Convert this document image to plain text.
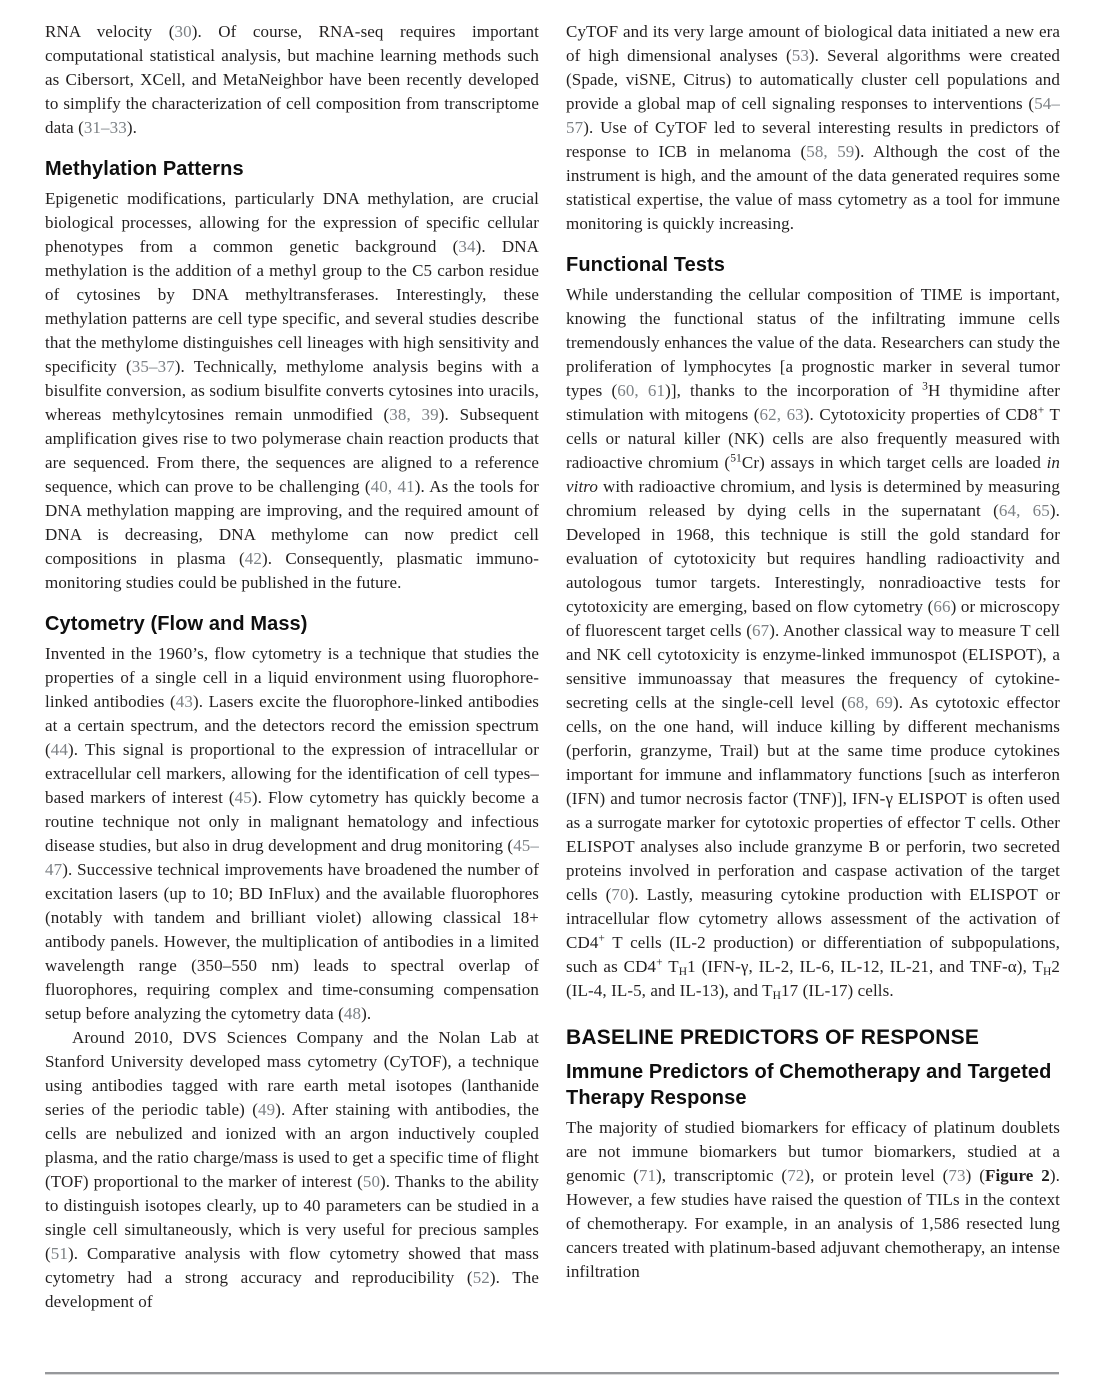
RNA velocity (30). Of course, RNA-seq requires important computational statistical analysis, but machine learning methods such as Cibersort, XCell, and MetaNeighbor have been recently developed to simplify the characterization of cell composition from transcriptome data (31–33).

Methylation Patterns

Epigenetic modifications, particularly DNA methylation, are crucial biological processes, allowing for the expression of specific cellular phenotypes from a common genetic background (34). DNA methylation is the addition of a methyl group to the C5 carbon residue of cytosines by DNA methyltransferases. Interestingly, these methylation patterns are cell type specific, and several studies describe that the methylome distinguishes cell lineages with high sensitivity and specificity (35–37). Technically, methylome analysis begins with a bisulfite conversion, as sodium bisulfite converts cytosines into uracils, whereas methylcytosines remain unmodified (38, 39). Subsequent amplification gives rise to two polymerase chain reaction products that are sequenced. From there, the sequences are aligned to a reference sequence, which can prove to be challenging (40, 41). As the tools for DNA methylation mapping are improving, and the required amount of DNA is decreasing, DNA methylome can now predict cell compositions in plasma (42). Consequently, plasmatic immuno-monitoring studies could be published in the future.

Cytometry (Flow and Mass)

Invented in the 1960’s, flow cytometry is a technique that studies the properties of a single cell in a liquid environment using fluorophore-linked antibodies (43). Lasers excite the fluorophore-linked antibodies at a certain spectrum, and the detectors record the emission spectrum (44). This signal is proportional to the expression of intracellular or extracellular cell markers, allowing for the identification of cell types–based markers of interest (45). Flow cytometry has quickly become a routine technique not only in malignant hematology and infectious disease studies, but also in drug development and drug monitoring (45–47). Successive technical improvements have broadened the number of excitation lasers (up to 10; BD InFlux) and the available fluorophores (notably with tandem and brilliant violet) allowing classical 18+ antibody panels. However, the multiplication of antibodies in a limited wavelength range (350–550 nm) leads to spectral overlap of fluorophores, requiring complex and time-consuming compensation setup before analyzing the cytometry data (48).

Around 2010, DVS Sciences Company and the Nolan Lab at Stanford University developed mass cytometry (CyTOF), a technique using antibodies tagged with rare earth metal isotopes (lanthanide series of the periodic table) (49). After staining with antibodies, the cells are nebulized and ionized with an argon inductively coupled plasma, and the ratio charge/mass is used to get a specific time of flight (TOF) proportional to the marker of interest (50). Thanks to the ability to distinguish isotopes clearly, up to 40 parameters can be studied in a single cell simultaneously, which is very useful for precious samples (51). Comparative analysis with flow cytometry showed that mass cytometry had a strong accuracy and reproducibility (52). The development of

CyTOF and its very large amount of biological data initiated a new era of high dimensional analyses (53). Several algorithms were created (Spade, viSNE, Citrus) to automatically cluster cell populations and provide a global map of cell signaling responses to interventions (54–57). Use of CyTOF led to several interesting results in predictors of response to ICB in melanoma (58, 59). Although the cost of the instrument is high, and the amount of the data generated requires some statistical expertise, the value of mass cytometry as a tool for immune monitoring is quickly increasing.

Functional Tests

While understanding the cellular composition of TIME is important, knowing the functional status of the infiltrating immune cells tremendously enhances the value of the data. Researchers can study the proliferation of lymphocytes [a prognostic marker in several tumor types (60, 61)], thanks to the incorporation of $^3$H thymidine after stimulation with mitogens (62, 63). Cytotoxicity properties of CD8+ T cells or natural killer (NK) cells are also frequently measured with radioactive chromium ($^{51}$Cr) assays in which target cells are loaded in vitro with radioactive chromium, and lysis is determined by measuring chromium released by dying cells in the supernatant (64, 65). Developed in 1968, this technique is still the gold standard for evaluation of cytotoxicity but requires handling radioactivity and autologous tumor targets. Interestingly, nonradioactive tests for cytotoxicity are emerging, based on flow cytometry (66) or microscopy of fluorescent target cells (67). Another classical way to measure T cell and NK cell cytotoxicity is enzyme-linked immunospot (ELISPOT), a sensitive immunoassay that measures the frequency of cytokine-secreting cells at the single-cell level (68, 69). As cytotoxic effector cells, on the one hand, will induce killing by different mechanisms (perforin, granzyme, Trail) but at the same time produce cytokines important for immune and inflammatory functions [such as interferon (IFN) and tumor necrosis factor (TNF)], IFN-γ ELISPOT is often used as a surrogate marker for cytotoxic properties of effector T cells. Other ELISPOT analyses also include granzyme B or perforin, two secreted proteins involved in perforation and caspase activation of the target cells (70). Lastly, measuring cytokine production with ELISPOT or intracellular flow cytometry allows assessment of the activation of CD4+ T cells (IL-2 production) or differentiation of subpopulations, such as CD4+ $T_H1$ (IFN-γ, IL-2, IL-6, IL-12, IL-21, and TNF-α), $T_H2$ (IL-4, IL-5, and IL-13), and $T_H17$ (IL-17) cells.

BASELINE PREDICTORS OF RESPONSE
Immune Predictors of Chemotherapy and Targeted Therapy Response

The majority of studied biomarkers for efficacy of platinum doublets are not immune biomarkers but tumor biomarkers, studied at a genomic (71), transcriptomic (72), or protein level (73) (Figure 2). However, a few studies have raised the question of TILs in the context of chemotherapy. For example, in an analysis of 1,586 resected lung cancers treated with platinum-based adjuvant chemotherapy, an intense infiltration
